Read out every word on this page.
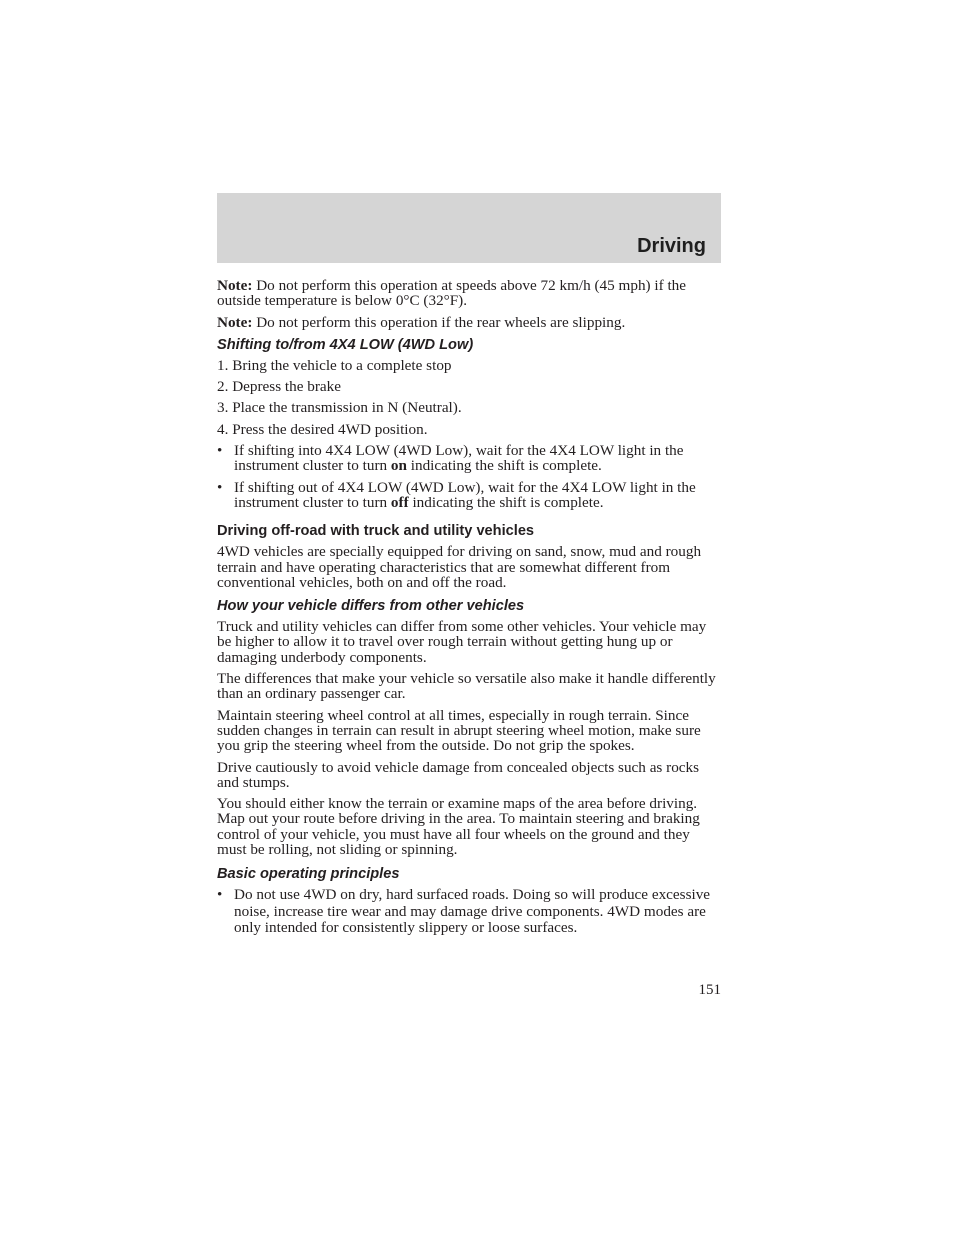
Driving

Note: Do not perform this operation at speeds above 72 km/h (45 mph) if the outside temperature is below 0°C (32°F).

Note: Do not perform this operation if the rear wheels are slipping.

Shifting to/from 4X4 LOW (4WD Low)
1. Bring the vehicle to a complete stop
2. Depress the brake
3. Place the transmission in N (Neutral).
4. Press the desired 4WD position.
• If shifting into 4X4 LOW (4WD Low), wait for the 4X4 LOW light in the instrument cluster to turn on indicating the shift is complete.
• If shifting out of 4X4 LOW (4WD Low), wait for the 4X4 LOW light in the instrument cluster to turn off indicating the shift is complete.
Driving off-road with truck and utility vehicles

4WD vehicles are specially equipped for driving on sand, snow, mud and rough terrain and have operating characteristics that are somewhat different from conventional vehicles, both on and off the road.

How your vehicle differs from other vehicles

Truck and utility vehicles can differ from some other vehicles. Your vehicle may be higher to allow it to travel over rough terrain without getting hung up or damaging underbody components.

The differences that make your vehicle so versatile also make it handle differently than an ordinary passenger car.

Maintain steering wheel control at all times, especially in rough terrain. Since sudden changes in terrain can result in abrupt steering wheel motion, make sure you grip the steering wheel from the outside. Do not grip the spokes.

Drive cautiously to avoid vehicle damage from concealed objects such as rocks and stumps.

You should either know the terrain or examine maps of the area before driving. Map out your route before driving in the area. To maintain steering and braking control of your vehicle, you must have all four wheels on the ground and they must be rolling, not sliding or spinning.

Basic operating principles
• Do not use 4WD on dry, hard surfaced roads. Doing so will produce excessive noise, increase tire wear and may damage drive components. 4WD modes are only intended for consistently slippery or loose surfaces.
151
